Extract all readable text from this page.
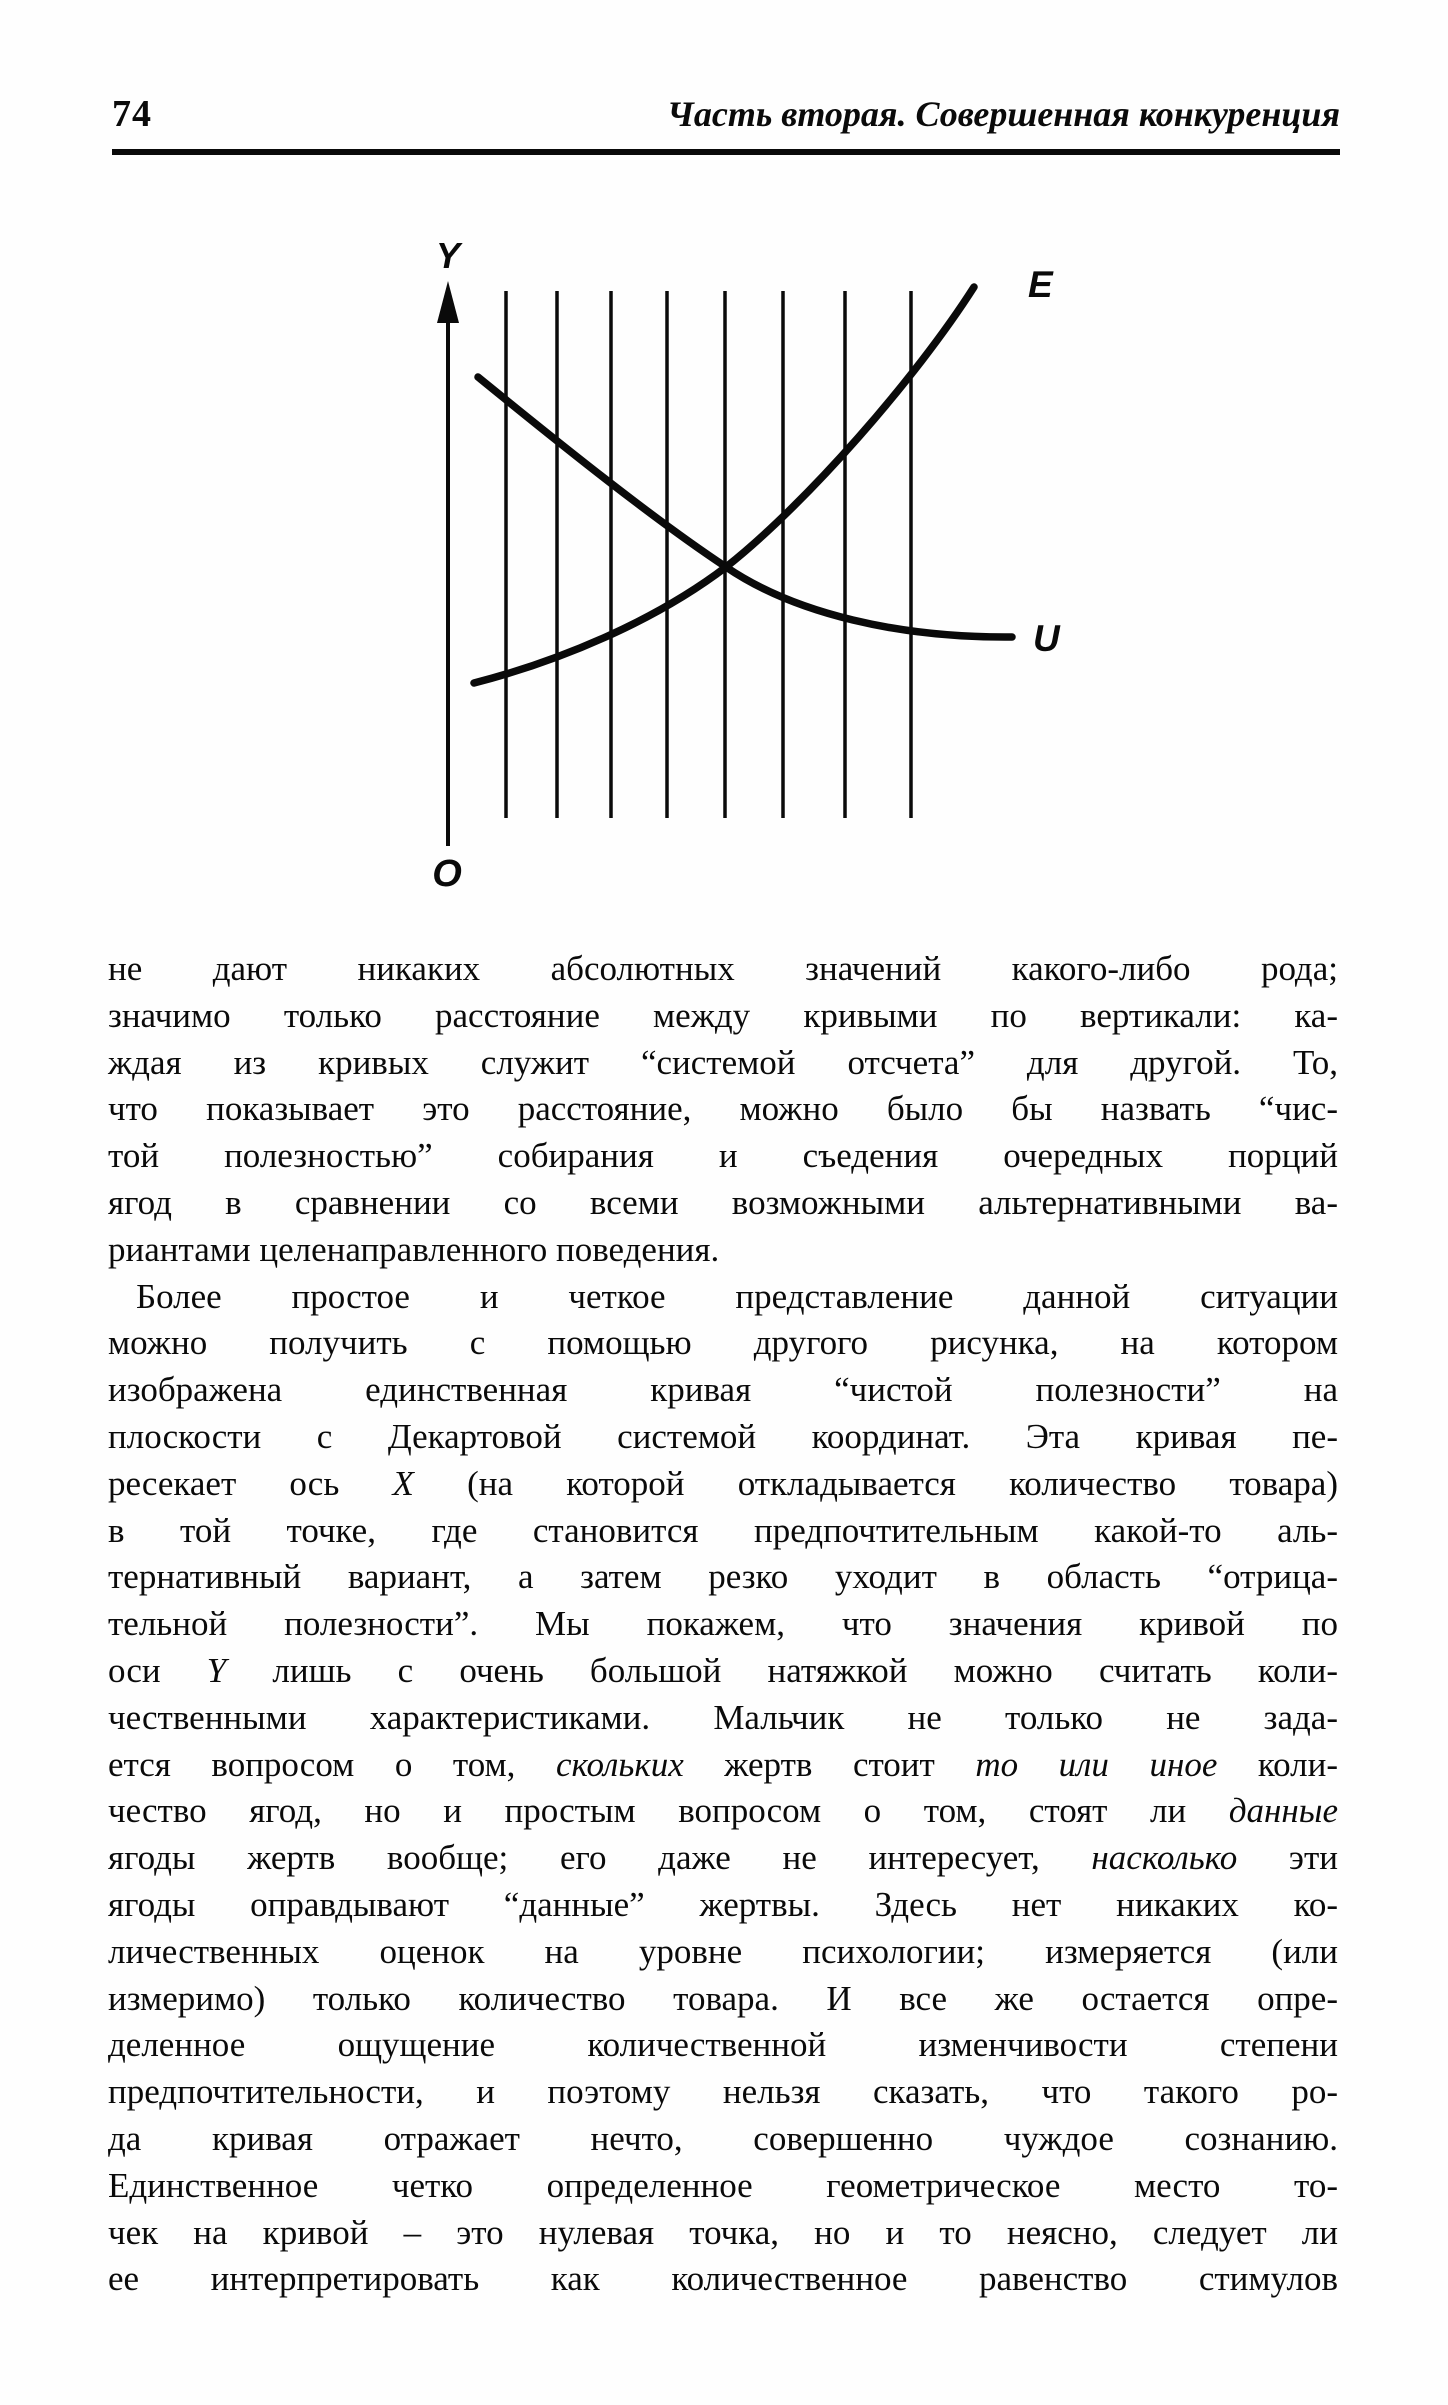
74	Часть вторая. Совершенная конкуренция
Y
O
E
U
не дают никаких абсолютных значений какого-либо рода;
значимо только расстояние между кривыми по вертикали: ка-
ждая из кривых служит “системой отсчета” для другой. То,
что показывает это расстояние, можно было бы назвать “чис-
той полезностью” собирания и съедения очередных порций
ягод в сравнении со всеми возможными альтернативными ва-
риантами целенаправленного поведения.
Более простое и четкое представление данной ситуации
можно получить с помощью другого рисунка, на котором
изображена единственная кривая “чистой полезности” на
плоскости с Декартовой системой координат. Эта кривая пе-
ресекает ось X (на которой откладывается количество товара)
в той точке, где становится предпочтительным какой-то аль-
тернативный вариант, а затем резко уходит в область “отрица-
тельной полезности”. Мы покажем, что значения кривой по
оси Y лишь с очень большой натяжкой можно считать коли-
чественными характеристиками. Мальчик не только не зада-
ется вопросом о том, скольких жертв стоит то или иное коли-
чество ягод, но и простым вопросом о том, стоят ли данные
ягоды жертв вообще; его даже не интересует, насколько эти
ягоды оправдывают “данные” жертвы. Здесь нет никаких ко-
личественных оценок на уровне психологии; измеряется (или
измеримо) только количество товара. И все же остается опре-
деленное ощущение количественной изменчивости степени
предпочтительности, и поэтому нельзя сказать, что такого ро-
да кривая отражает нечто, совершенно чуждое сознанию.
Единственное четко определенное геометрическое место то-
чек на кривой – это нулевая точка, но и то неясно, следует ли
ее интерпретировать как количественное равенство стимулов
